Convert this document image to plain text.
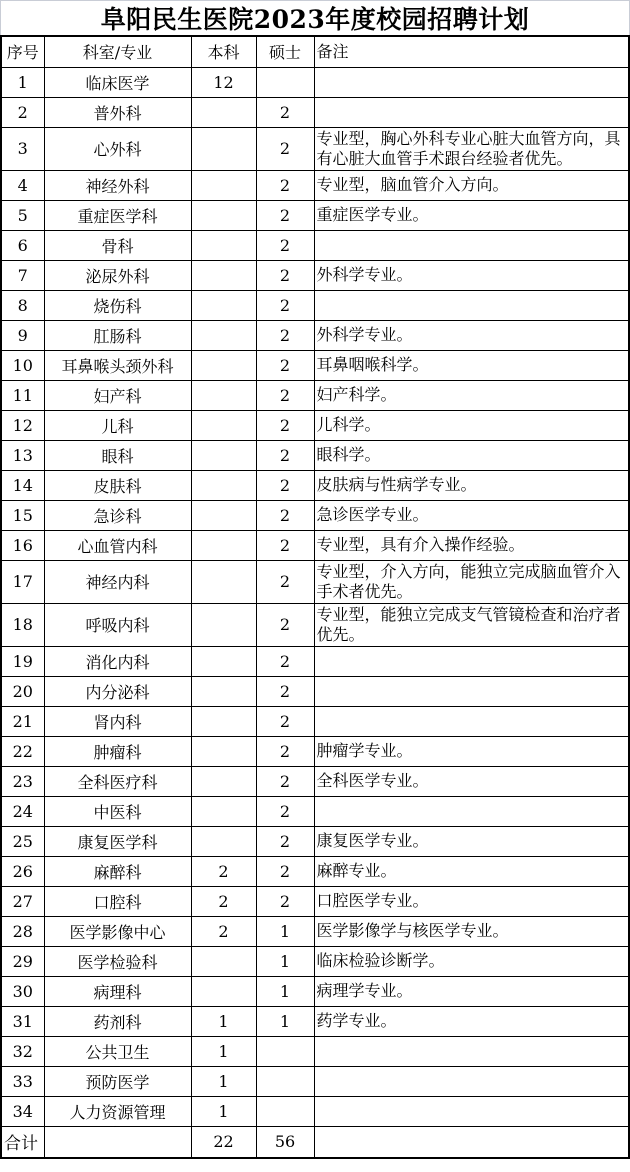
阜阳民生医院2023年度校园招聘计划
序号	科室/专业	本科	硕士	备注
1	临床医学	12		
2	普外科		2	
3	心外科		2	专业型，胸心外科专业心脏大血管方向，具有心脏大血管手术跟台经验者优先。
4	神经外科		2	专业型，脑血管介入方向。
5	重症医学科		2	重症医学专业。
6	骨科		2	
7	泌尿外科		2	外科学专业。
8	烧伤科		2	
9	肛肠科		2	外科学专业。
10	耳鼻喉头颈外科		2	耳鼻咽喉科学。
11	妇产科		2	妇产科学。
12	儿科		2	儿科学。
13	眼科		2	眼科学。
14	皮肤科		2	皮肤病与性病学专业。
15	急诊科		2	急诊医学专业。
16	心血管内科		2	专业型，具有介入操作经验。
17	神经内科		2	专业型，介入方向，能独立完成脑血管介入手术者优先。
18	呼吸内科		2	专业型，能独立完成支气管镜检查和治疗者优先。
19	消化内科		2	
20	内分泌科		2	
21	肾内科		2	
22	肿瘤科		2	肿瘤学专业。
23	全科医疗科		2	全科医学专业。
24	中医科		2	
25	康复医学科		2	康复医学专业。
26	麻醉科	2	2	麻醉专业。
27	口腔科	2	2	口腔医学专业。
28	医学影像中心	2	1	医学影像学与核医学专业。
29	医学检验科		1	临床检验诊断学。
30	病理科		1	病理学专业。
31	药剂科	1	1	药学专业。
32	公共卫生	1		
33	预防医学	1		
34	人力资源管理	1		
合计		22	56	
